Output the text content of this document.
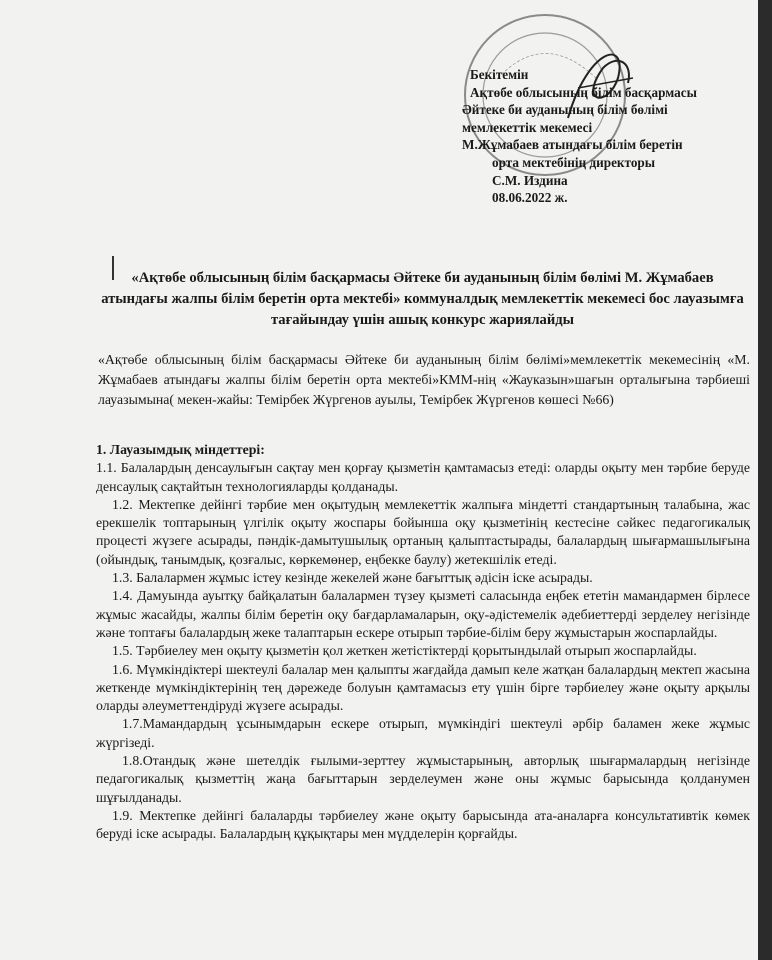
Бекітемін
Ақтөбе облысының білім басқармасы
Әйтеке би ауданының білім бөлімі
мемлекеттік мекемесі
М.Жұмабаев атындағы білім беретін
орта мектебінің директоры
С.М. Издина
08.06.2022 ж.
«Ақтөбе облысының білім басқармасы Әйтеке би ауданының білім бөлімі М. Жұмабаев атындағы жалпы білім беретін орта мектебі» коммуналдық мемлекеттік мекемесі бос лауазымға тағайындау үшін ашық конкурс жариялайды
«Ақтөбе облысының білім басқармасы Әйтеке би ауданының білім бөлімі»мемлекеттік мекемесінің «М. Жұмабаев атындағы жалпы білім беретін орта мектебі»КММ-нің «Жауказын»шағын орталығына тәрбиеші лауазымына( мекен-жайы: Темірбек Жүргенов ауылы, Темірбек Жүргенов көшесі №66)

1. Лауазымдық міндеттері:

1.1. Балалардың денсаулығын сақтау мен қорғау қызметін қамтамасыз етеді: оларды оқыту мен тәрбие беруде денсаулық сақтайтын технологияларды қолданады.

1.2. Мектепке дейінгі тәрбие мен оқытудың мемлекеттік жалпыға міндетті стандартының талабына, жас ерекшелік топтарының үлгілік оқыту жоспары бойынша оқу қызметінің кестесіне сәйкес педагогикалық процесті жүзеге асырады, пәндік-дамытушылық ортаның қалыптастырады, балалардың шығармашылығына (ойындық, танымдық, қозғалыс, көркемөнер, еңбекке баулу) жетекшілік етеді.

1.3. Балалармен жұмыс істеу кезінде жекелей және бағыттық әдісін іске асырады.

1.4. Дамуында ауытқу байқалатын балалармен түзеу қызметі саласында еңбек ететін мамандармен бірлесе жұмыс жасайды, жалпы білім беретін оқу бағдарламаларын, оқу-әдістемелік әдебиеттерді зерделеу негізінде және топтағы балалардың жеке талаптарын ескере отырып тәрбие-білім беру жұмыстарын жоспарлайды.

1.5. Тәрбиелеу мен оқыту қызметін қол жеткен жетістіктерді қорытындылай отырып жоспарлайды.

1.6. Мүмкіндіктері шектеулі балалар мен қалыпты жағдайда дамып келе жатқан балалардың мектеп жасына жеткенде мүмкіндіктерінің тең дәрежеде болуын қамтамасыз ету үшін бірге тәрбиелеу және оқыту арқылы оларды әлеуметтендіруді жүзеге асырады.

1.7.Мамандардың ұсынымдарын ескере отырып, мүмкіндігі шектеулі әрбір баламен жеке жұмыс жүргізеді.

1.8.Отандық және шетелдік ғылыми-зерттеу жұмыстарының, авторлық шығармалардың негізінде педагогикалық қызметтің жаңа бағыттарын зерделеумен және оны жұмыс барысында қолданумен шұғылданады.

1.9. Мектепке дейінгі балаларды тәрбиелеу және оқыту барысында ата-аналарға консультативтік көмек беруді іске асырады. Балалардың құқықтары мен мүдделерін қорғайды.
